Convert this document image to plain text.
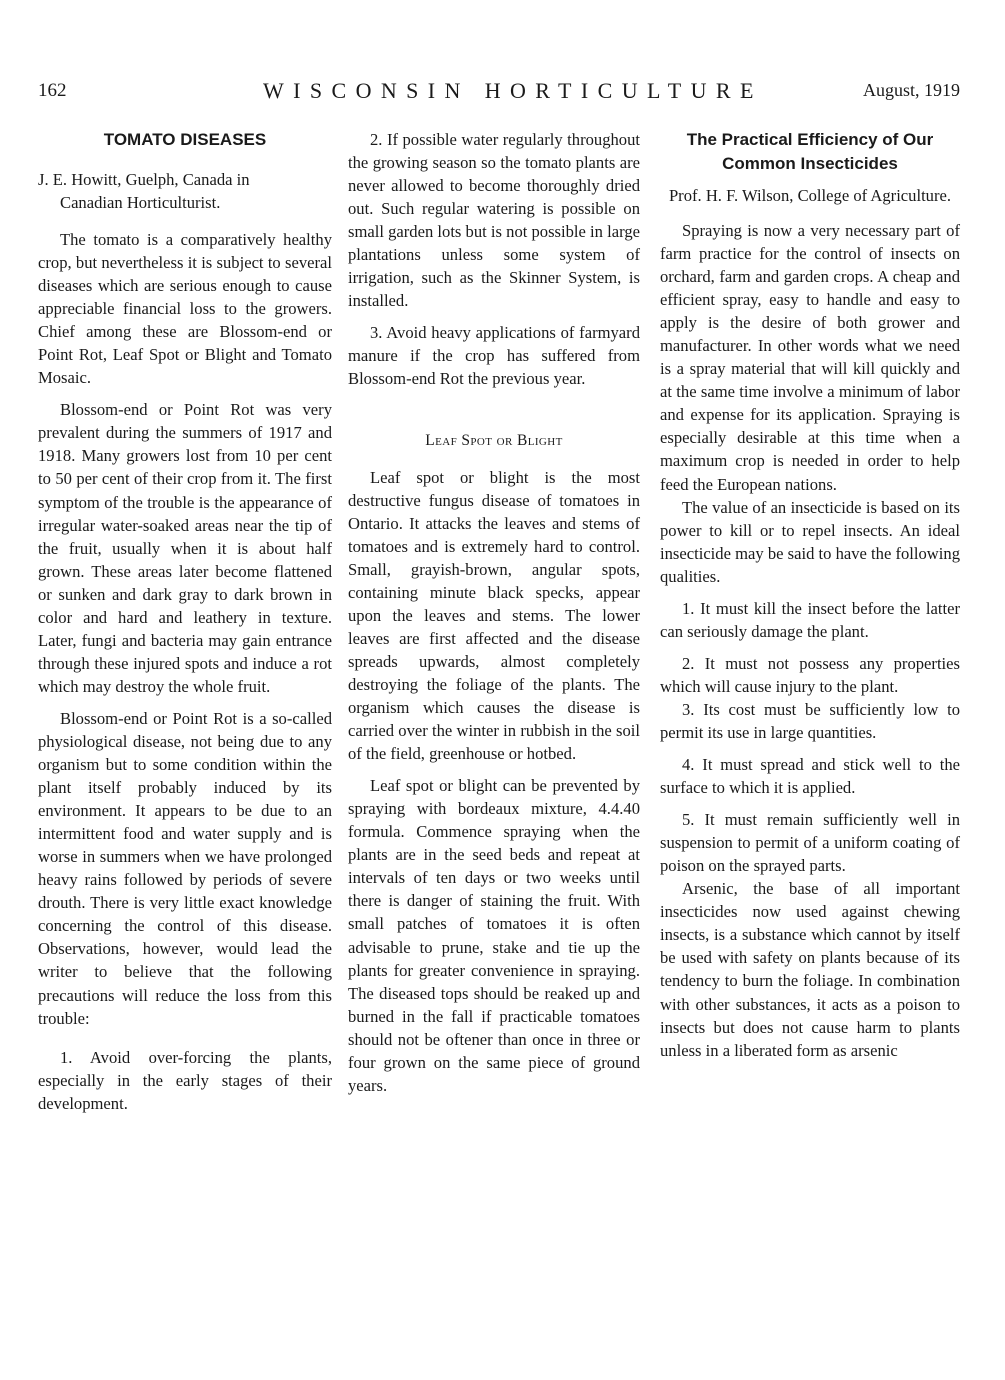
162	WISCONSIN HORTICULTURE	August, 1919
TOMATO DISEASES
J. E. Howitt, Guelph, Canada in
Canadian Horticulturist.

The tomato is a comparatively healthy crop, but nevertheless it is subject to several diseases which are serious enough to cause appreciable financial loss to the growers. Chief among these are Blossom-end or Point Rot, Leaf Spot or Blight and Tomato Mosaic.

Blossom-end or Point Rot was very prevalent during the summers of 1917 and 1918. Many growers lost from 10 per cent to 50 per cent of their crop from it. The first symptom of the trouble is the appearance of irregular water-soaked areas near the tip of the fruit, usually when it is about half grown. These areas later become flattened or sunken and dark gray to dark brown in color and hard and leathery in texture. Later, fungi and bacteria may gain entrance through these injured spots and induce a rot which may destroy the whole fruit.

Blossom-end or Point Rot is a so-called physiological disease, not being due to any organism but to some condition within the plant itself probably induced by its environment. It appears to be due to an intermittent food and water supply and is worse in summers when we have prolonged heavy rains followed by periods of severe drouth. There is very little exact knowledge concerning the control of this disease. Observations, however, would lead the writer to believe that the following precautions will reduce the loss from this trouble:

1. Avoid over-forcing the plants, especially in the early stages of their development.

2. If possible water regularly throughout the growing season so the tomato plants are never allowed to become thoroughly dried out. Such regular watering is possible on small garden lots but is not possible in large plantations unless some system of irrigation, such as the Skinner System, is installed.

3. Avoid heavy applications of farmyard manure if the crop has suffered from Blossom-end Rot the previous year.

Leaf Spot or Blight

Leaf spot or blight is the most destructive fungus disease of tomatoes in Ontario. It attacks the leaves and stems of tomatoes and is extremely hard to control. Small, grayish-brown, angular spots, containing minute black specks, appear upon the leaves and stems. The lower leaves are first affected and the disease spreads upwards, almost completely destroying the foliage of the plants. The organism which causes the disease is carried over the winter in rubbish in the soil of the field, greenhouse or hotbed.

Leaf spot or blight can be prevented by spraying with bordeaux mixture, 4.4.40 formula. Commence spraying when the plants are in the seed beds and repeat at intervals of ten days or two weeks until there is danger of staining the fruit. With small patches of tomatoes it is often advisable to prune, stake and tie up the plants for greater convenience in spraying. The diseased tops should be reaked up and burned in the fall if practicable tomatoes should not be oftener than once in three or four grown on the same piece of ground years.

The Practical Efficiency of Our Common Insecticides
Prof. H. F. Wilson, College of Agriculture.

Spraying is now a very necessary part of farm practice for the control of insects on orchard, farm and garden crops. A cheap and efficient spray, easy to handle and easy to apply is the desire of both grower and manufacturer. In other words what we need is a spray material that will kill quickly and at the same time involve a minimum of labor and expense for its application. Spraying is especially desirable at this time when a maximum crop is needed in order to help feed the European nations.

The value of an insecticide is based on its power to kill or to repel insects. An ideal insecticide may be said to have the following qualities.

1. It must kill the insect before the latter can seriously damage the plant.

2. It must not possess any properties which will cause injury to the plant.

3. Its cost must be sufficiently low to permit its use in large quantities.

4. It must spread and stick well to the surface to which it is applied.

5. It must remain sufficiently well in suspension to permit of a uniform coating of poison on the sprayed parts.

Arsenic, the base of all important insecticides now used against chewing insects, is a substance which cannot by itself be used with safety on plants because of its tendency to burn the foliage. In combination with other substances, it acts as a poison to insects but does not cause harm to plants unless in a liberated form as arsenic
